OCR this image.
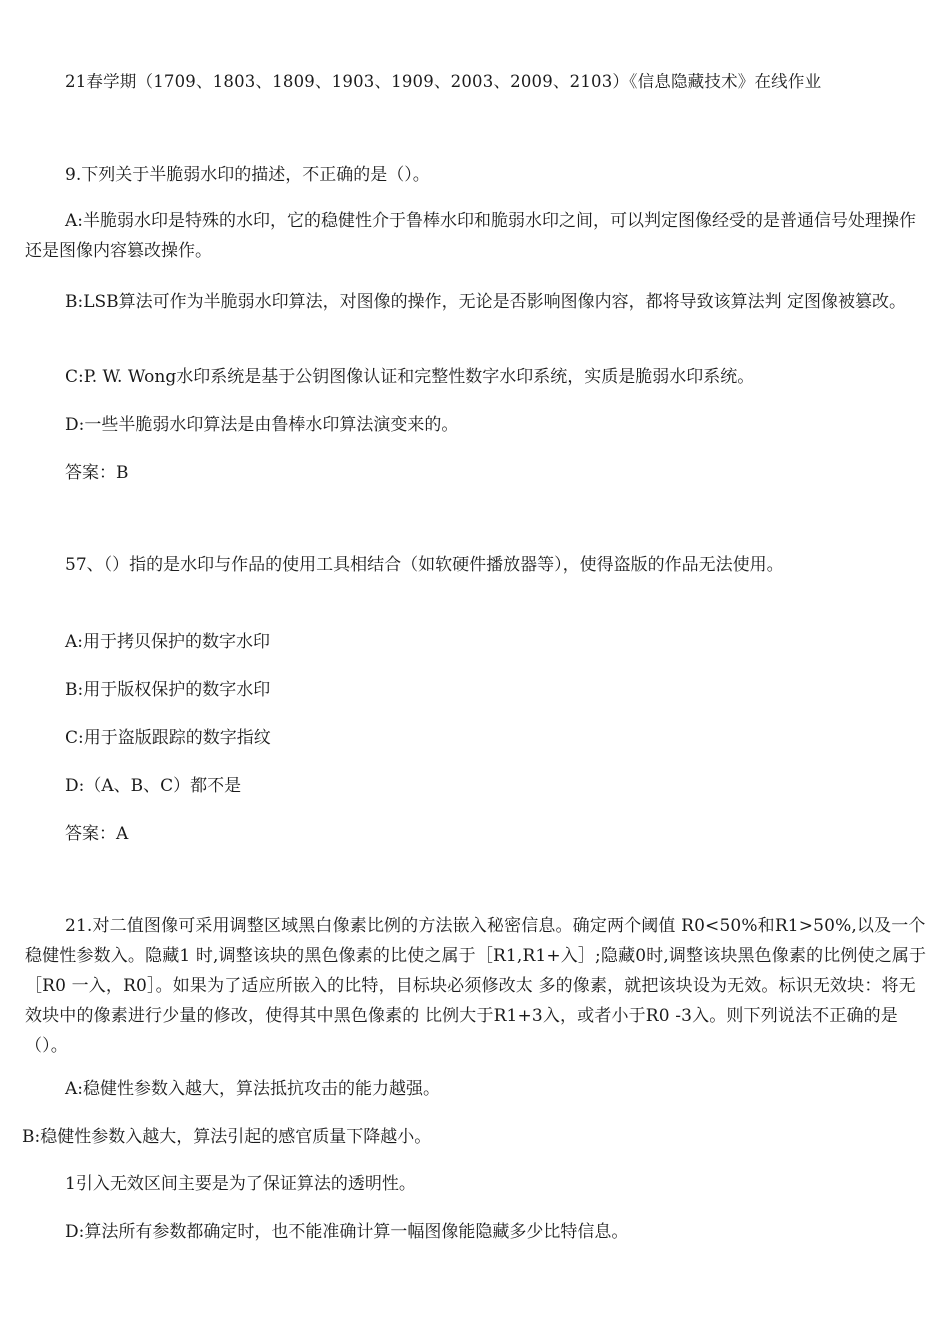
21春学期（1709、1803、1809、1903、1909、2003、2009、2103）《信息隐藏技术》在线作业
9.下列关于半脆弱水印的描述，不正确的是（）。
A:半脆弱水印是特殊的水印，它的稳健性介于鲁棒水印和脆弱水印之间，可以判定图像经受的是普通信号处理操作还是图像内容篡改操作。
B:LSB算法可作为半脆弱水印算法，对图像的操作，无论是否影响图像内容，都将导致该算法判 定图像被篡改。
C:P. W. Wong水印系统是基于公钥图像认证和完整性数字水印系统，实质是脆弱水印系统。
D:一些半脆弱水印算法是由鲁棒水印算法演变来的。
答案：B
57、（）指的是水印与作品的使用工具相结合（如软硬件播放器等），使得盗版的作品无法使用。
A:用于拷贝保护的数字水印
B:用于版权保护的数字水印
C:用于盗版跟踪的数字指纹
D:（A、B、C）都不是
答案：A
21.对二值图像可采用调整区域黑白像素比例的方法嵌入秘密信息。确定两个阈值 R0<50%和R1>50%,以及一个稳健性参数入。隐藏1 时,调整该块的黑色像素的比使之属于［R1,R1+入］;隐藏0时,调整该块黑色像素的比例使之属于［R0 一入，R0］。如果为了适应所嵌入的比特，目标块必须修改太 多的像素，就把该块设为无效。标识无效块：将无效块中的像素进行少量的修改，使得其中黑色像素的 比例大于R1+3入，或者小于R0 -3入。则下列说法不正确的是（）。
A:稳健性参数入越大，算法抵抗攻击的能力越强。
B:稳健性参数入越大，算法引起的感官质量下降越小。
1引入无效区间主要是为了保证算法的透明性。
D:算法所有参数都确定时，也不能准确计算一幅图像能隐藏多少比特信息。
